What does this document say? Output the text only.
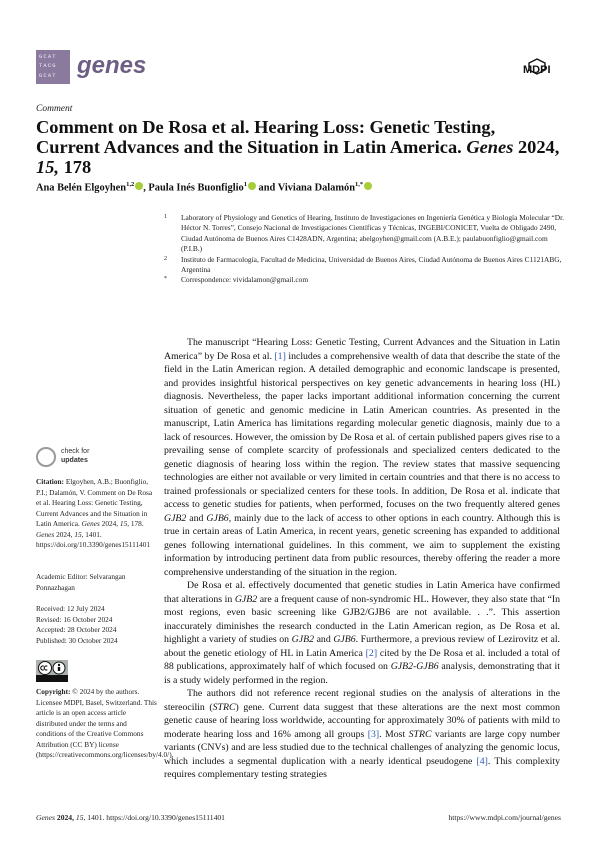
GCAT TACG GCAT genes	MDPI
Comment
Comment on De Rosa et al. Hearing Loss: Genetic Testing, Current Advances and the Situation in Latin America. Genes 2024, 15, 178
Ana Belén Elgoyhen$^{1,2}$ , Paula Inés Buonfiglio$^1$ and Viviana Dalamón$^{1,*}$
1 Laboratory of Physiology and Genetics of Hearing, Instituto de Investigaciones en Ingeniería Genética y Biología Molecular “Dr. Héctor N. Torres”, Consejo Nacional de Investigaciones Científicas y Técnicas, INGEBI/CONICET, Vuelta de Obligado 2490, Ciudad Autónoma de Buenos Aires C1428ADN, Argentina; abelgoyhen@gmail.com (A.B.E.); paulabuonfiglio@gmail.com (P.I.B.)
2 Instituto de Farmacología, Facultad de Medicina, Universidad de Buenos Aires, Ciudad Autónoma de Buenos Aires C1121ABG, Argentina
* Correspondence: vividalamon@gmail.com
check for
updates
Citation: Elgoyhen, A.B.; Buonfiglio, P.I.; Dalamón, V. Comment on De Rosa et al. Hearing Loss: Genetic Testing, Current Advances and the Situation in Latin America. Genes 2024, 15, 178. Genes 2024, 15, 1401. https://doi.org/10.3390/genes15111401
Academic Editor: Selvarangan Ponnazhagan
Received: 12 July 2024
Revised: 16 October 2024
Accepted: 28 October 2024
Published: 30 October 2024
Copyright: © 2024 by the authors. Licensee MDPI, Basel, Switzerland. This article is an open access article distributed under the terms and conditions of the Creative Commons Attribution (CC BY) license (https://creativecommons.org/licenses/by/4.0/).

The manuscript “Hearing Loss: Genetic Testing, Current Advances and the Situation in Latin America” by De Rosa et al. [1] includes a comprehensive wealth of data that describe the state of the field in the Latin American region. A detailed demographic and economic landscape is presented, and provides insightful historical perspectives on key genetic advancements in hearing loss (HL) diagnosis. Nevertheless, the paper lacks important additional information concerning the current situation of genetic and genomic medicine in Latin American countries. As presented in the manuscript, Latin America has limitations regarding molecular genetic diagnosis, mainly due to a lack of resources. However, the omission by De Rosa et al. of certain published papers gives rise to a prevailing sense of complete scarcity of professionals and specialized centers dedicated to the genetic diagnosis of hearing loss within the region. The review states that massive sequencing technologies are either not available or very limited in certain countries and that there is no access to trained professionals or specialized centers for these tools. In addition, De Rosa et al. indicate that access to genetic studies for patients, when performed, focuses on the two frequently altered genes GJB2 and GJB6, mainly due to the lack of access to other options in each country. Although this is true in certain areas of Latin America, in recent years, genetic screening has expanded to additional genes following international guidelines. In this comment, we aim to supplement the existing information by introducing pertinent data from public resources, thereby offering the reader a more comprehensive understanding of the situation in the region.

De Rosa et al. effectively documented that genetic studies in Latin America have confirmed that alterations in GJB2 are a frequent cause of non-syndromic HL. However, they also state that “In most regions, even basic screening like GJB2/GJB6 are not available. . .”. This assertion inaccurately diminishes the research conducted in the Latin American region, as De Rosa et al. highlight a variety of studies on GJB2 and GJB6. Furthermore, a previous review of Lezirovitz et al. about the genetic etiology of HL in Latin America [2] cited by the De Rosa et al. included a total of 88 publications, approximately half of which focused on GJB2-GJB6 analysis, demonstrating that it is a study widely performed in the region.

The authors did not reference recent regional studies on the analysis of alterations in the stereocilin (STRC) gene. Current data suggest that these alterations are the next most common genetic cause of hearing loss worldwide, accounting for approximately 30% of patients with mild to moderate hearing loss and 16% among all groups [3]. Most STRC variants are large copy number variants (CNVs) and are less studied due to the technical challenges of analyzing the genomic locus, which includes a segmental duplication with a nearly identical pseudogene [4]. This complexity requires complementary testing strategies

Genes 2024, 15, 1401. https://doi.org/10.3390/genes15111401	https://www.mdpi.com/journal/genes
